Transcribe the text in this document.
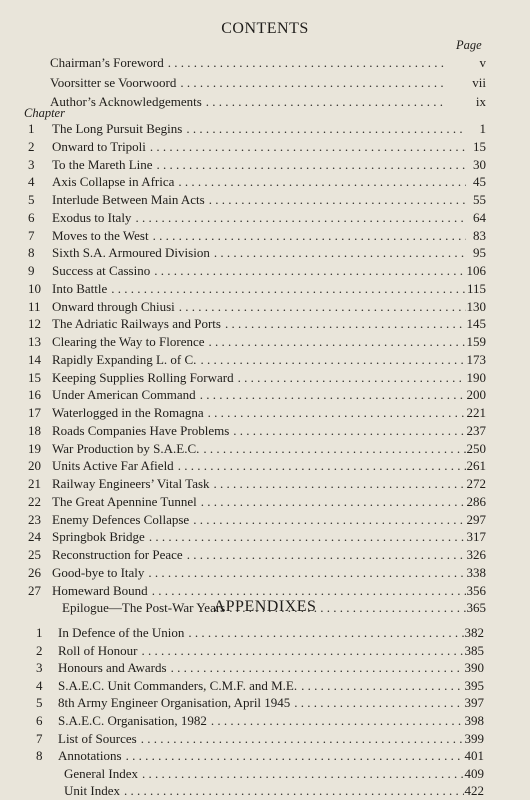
CONTENTS
Page
Chairman’s Foreword . . .	v
Voorsitter se Voorwoord . . .	vii
Author’s Acknowledgements . . .	ix
Chapter
1	The Long Pursuit Begins . . .	1
2	Onward to Tripoli . . .	15
3	To the Mareth Line . . .	30
4	Axis Collapse in Africa . . .	45
5	Interlude Between Main Acts . . .	55
6	Exodus to Italy . . .	64
7	Moves to the West . . .	83
8	Sixth S.A. Armoured Division . . .	95
9	Success at Cassino . . .	106
10 Into Battle . . .	115
11 Onward through Chiusi . . .	130
12 The Adriatic Railways and Ports . . .	145
13 Clearing the Way to Florence . . .	159
14 Rapidly Expanding L. of C. . . .	173
15 Keeping Supplies Rolling Forward . . .	190
16 Under American Command . . .	200
17 Waterlogged in the Romagna . . .	221
18 Roads Companies Have Problems . . .	237
19 War Production by S.A.E.C. . . .	250
20 Units Active Far Afield . . .	261
21 Railway Engineers’ Vital Task . . .	272
22 The Great Apennine Tunnel . . .	286
23 Enemy Defences Collapse . . .	297
24 Springbok Bridge . . .	317
25 Reconstruction for Peace . . .	326
26 Good-bye to Italy . . .	338
27 Homeward Bound . . .	356
Epilogue—The Post-War Years . . .	365
APPENDIXES
1	In Defence of the Union . . .	382
2	Roll of Honour . . .	385
3	Honours and Awards . . .	390
4	S.A.E.C. Unit Commanders, C.M.F. and M.E. . . .	395
5	8th Army Engineer Organisation, April 1945 . . .	397
6	S.A.E.C. Organisation, 1982 . . .	398
7	List of Sources . . .	399
8	Annotations . . .	401
General Index . . .	409
Unit Index . . .	422
